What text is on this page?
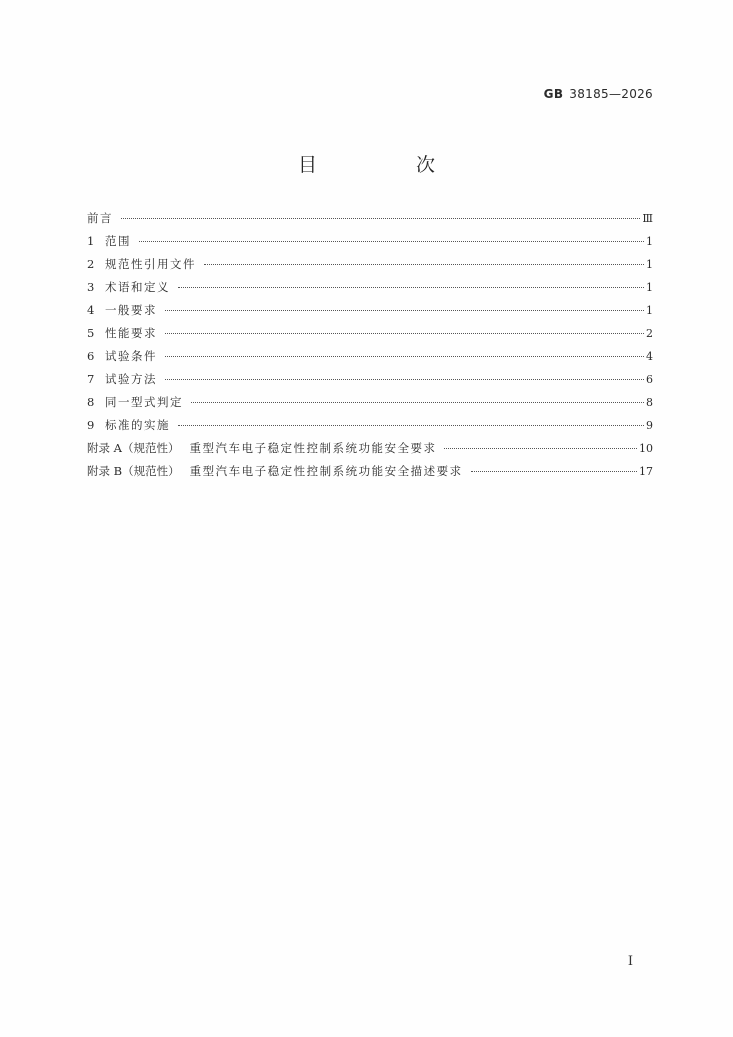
GB 38185—2026
目　次
前言	Ⅲ
1 范围	1
2 规范性引用文件	1
3 术语和定义	1
4 一般要求	1
5 性能要求	2
6 试验条件	4
7 试验方法	6
8 同一型式判定	8
9 标准的实施	9
附录 A（规范性） 重型汽车电子稳定性控制系统功能安全要求	10
附录 B（规范性） 重型汽车电子稳定性控制系统功能安全描述要求	17
I
